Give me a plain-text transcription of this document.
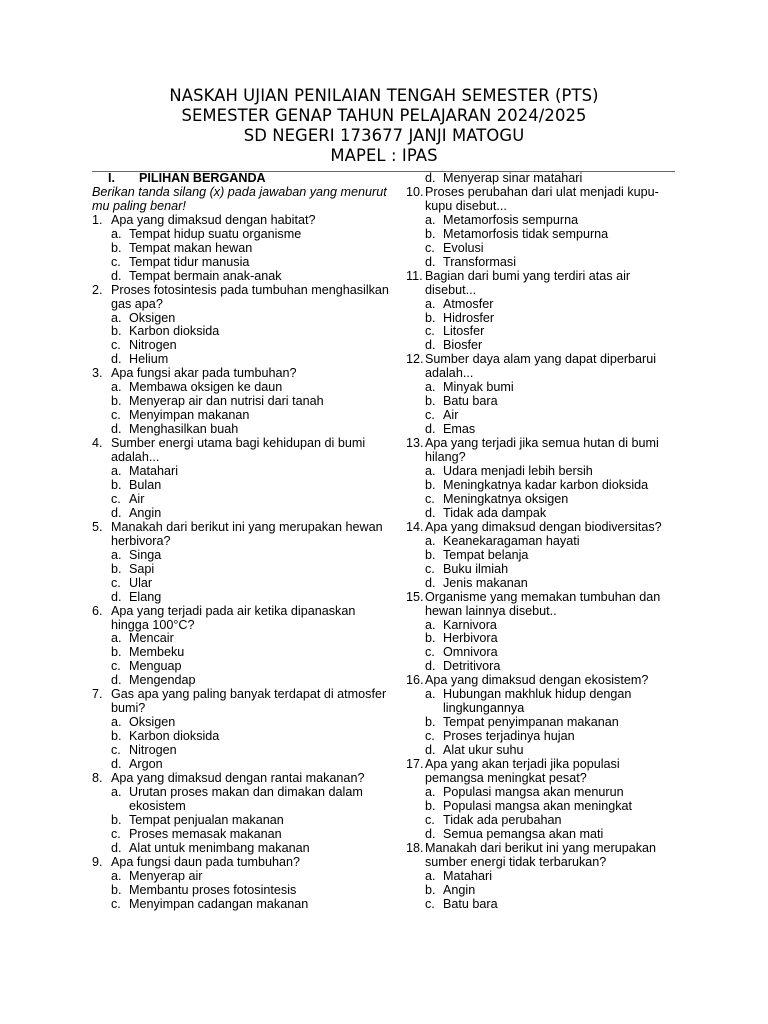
NASKAH UJIAN PENILAIAN TENGAH SEMESTER (PTS)
SEMESTER GENAP TAHUN PELAJARAN 2024/2025
SD NEGERI 173677 JANJI MATOGU
MAPEL : IPAS
I. PILIHAN BERGANDA
Berikan tanda silang (x) pada jawaban yang menurut mu paling benar!
1. Apa yang dimaksud dengan habitat?
a. Tempat hidup suatu organisme
b. Tempat makan hewan
c. Tempat tidur manusia
d. Tempat bermain anak-anak
2. Proses fotosintesis pada tumbuhan menghasilkan gas apa?
a. Oksigen
b. Karbon dioksida
c. Nitrogen
d. Helium
3. Apa fungsi akar pada tumbuhan?
a. Membawa oksigen ke daun
b. Menyerap air dan nutrisi dari tanah
c. Menyimpan makanan
d. Menghasilkan buah
4. Sumber energi utama bagi kehidupan di bumi adalah...
a. Matahari
b. Bulan
c. Air
d. Angin
5. Manakah dari berikut ini yang merupakan hewan herbivora?
a. Singa
b. Sapi
c. Ular
d. Elang
6. Apa yang terjadi pada air ketika dipanaskan hingga 100°C?
a. Mencair
b. Membeku
c. Menguap
d. Mengendap
7. Gas apa yang paling banyak terdapat di atmosfer bumi?
a. Oksigen
b. Karbon dioksida
c. Nitrogen
d. Argon
8. Apa yang dimaksud dengan rantai makanan?
a. Urutan proses makan dan dimakan dalam ekosistem
b. Tempat penjualan makanan
c. Proses memasak makanan
d. Alat untuk menimbang makanan
9. Apa fungsi daun pada tumbuhan?
a. Menyerap air
b. Membantu proses fotosintesis
c. Menyimpan cadangan makanan
d. Menyerap sinar matahari
10. Proses perubahan dari ulat menjadi kupu-kupu disebut...
a. Metamorfosis sempurna
b. Metamorfosis tidak sempurna
c. Evolusi
d. Transformasi
11. Bagian dari bumi yang terdiri atas air disebut...
a. Atmosfer
b. Hidrosfer
c. Litosfer
d. Biosfer
12. Sumber daya alam yang dapat diperbarui adalah...
a. Minyak bumi
b. Batu bara
c. Air
d. Emas
13. Apa yang terjadi jika semua hutan di bumi hilang?
a. Udara menjadi lebih bersih
b. Meningkatnya kadar karbon dioksida
c. Meningkatnya oksigen
d. Tidak ada dampak
14. Apa yang dimaksud dengan biodiversitas?
a. Keanekaragaman hayati
b. Tempat belanja
c. Buku ilmiah
d. Jenis makanan
15. Organisme yang memakan tumbuhan dan hewan lainnya disebut..
a. Karnivora
b. Herbivora
c. Omnivora
d. Detritivora
16. Apa yang dimaksud dengan ekosistem?
a. Hubungan makhluk hidup dengan lingkungannya
b. Tempat penyimpanan makanan
c. Proses terjadinya hujan
d. Alat ukur suhu
17. Apa yang akan terjadi jika populasi pemangsa meningkat pesat?
a. Populasi mangsa akan menurun
b. Populasi mangsa akan meningkat
c. Tidak ada perubahan
d. Semua pemangsa akan mati
18. Manakah dari berikut ini yang merupakan sumber energi tidak terbarukan?
a. Matahari
b. Angin
c. Batu bara
